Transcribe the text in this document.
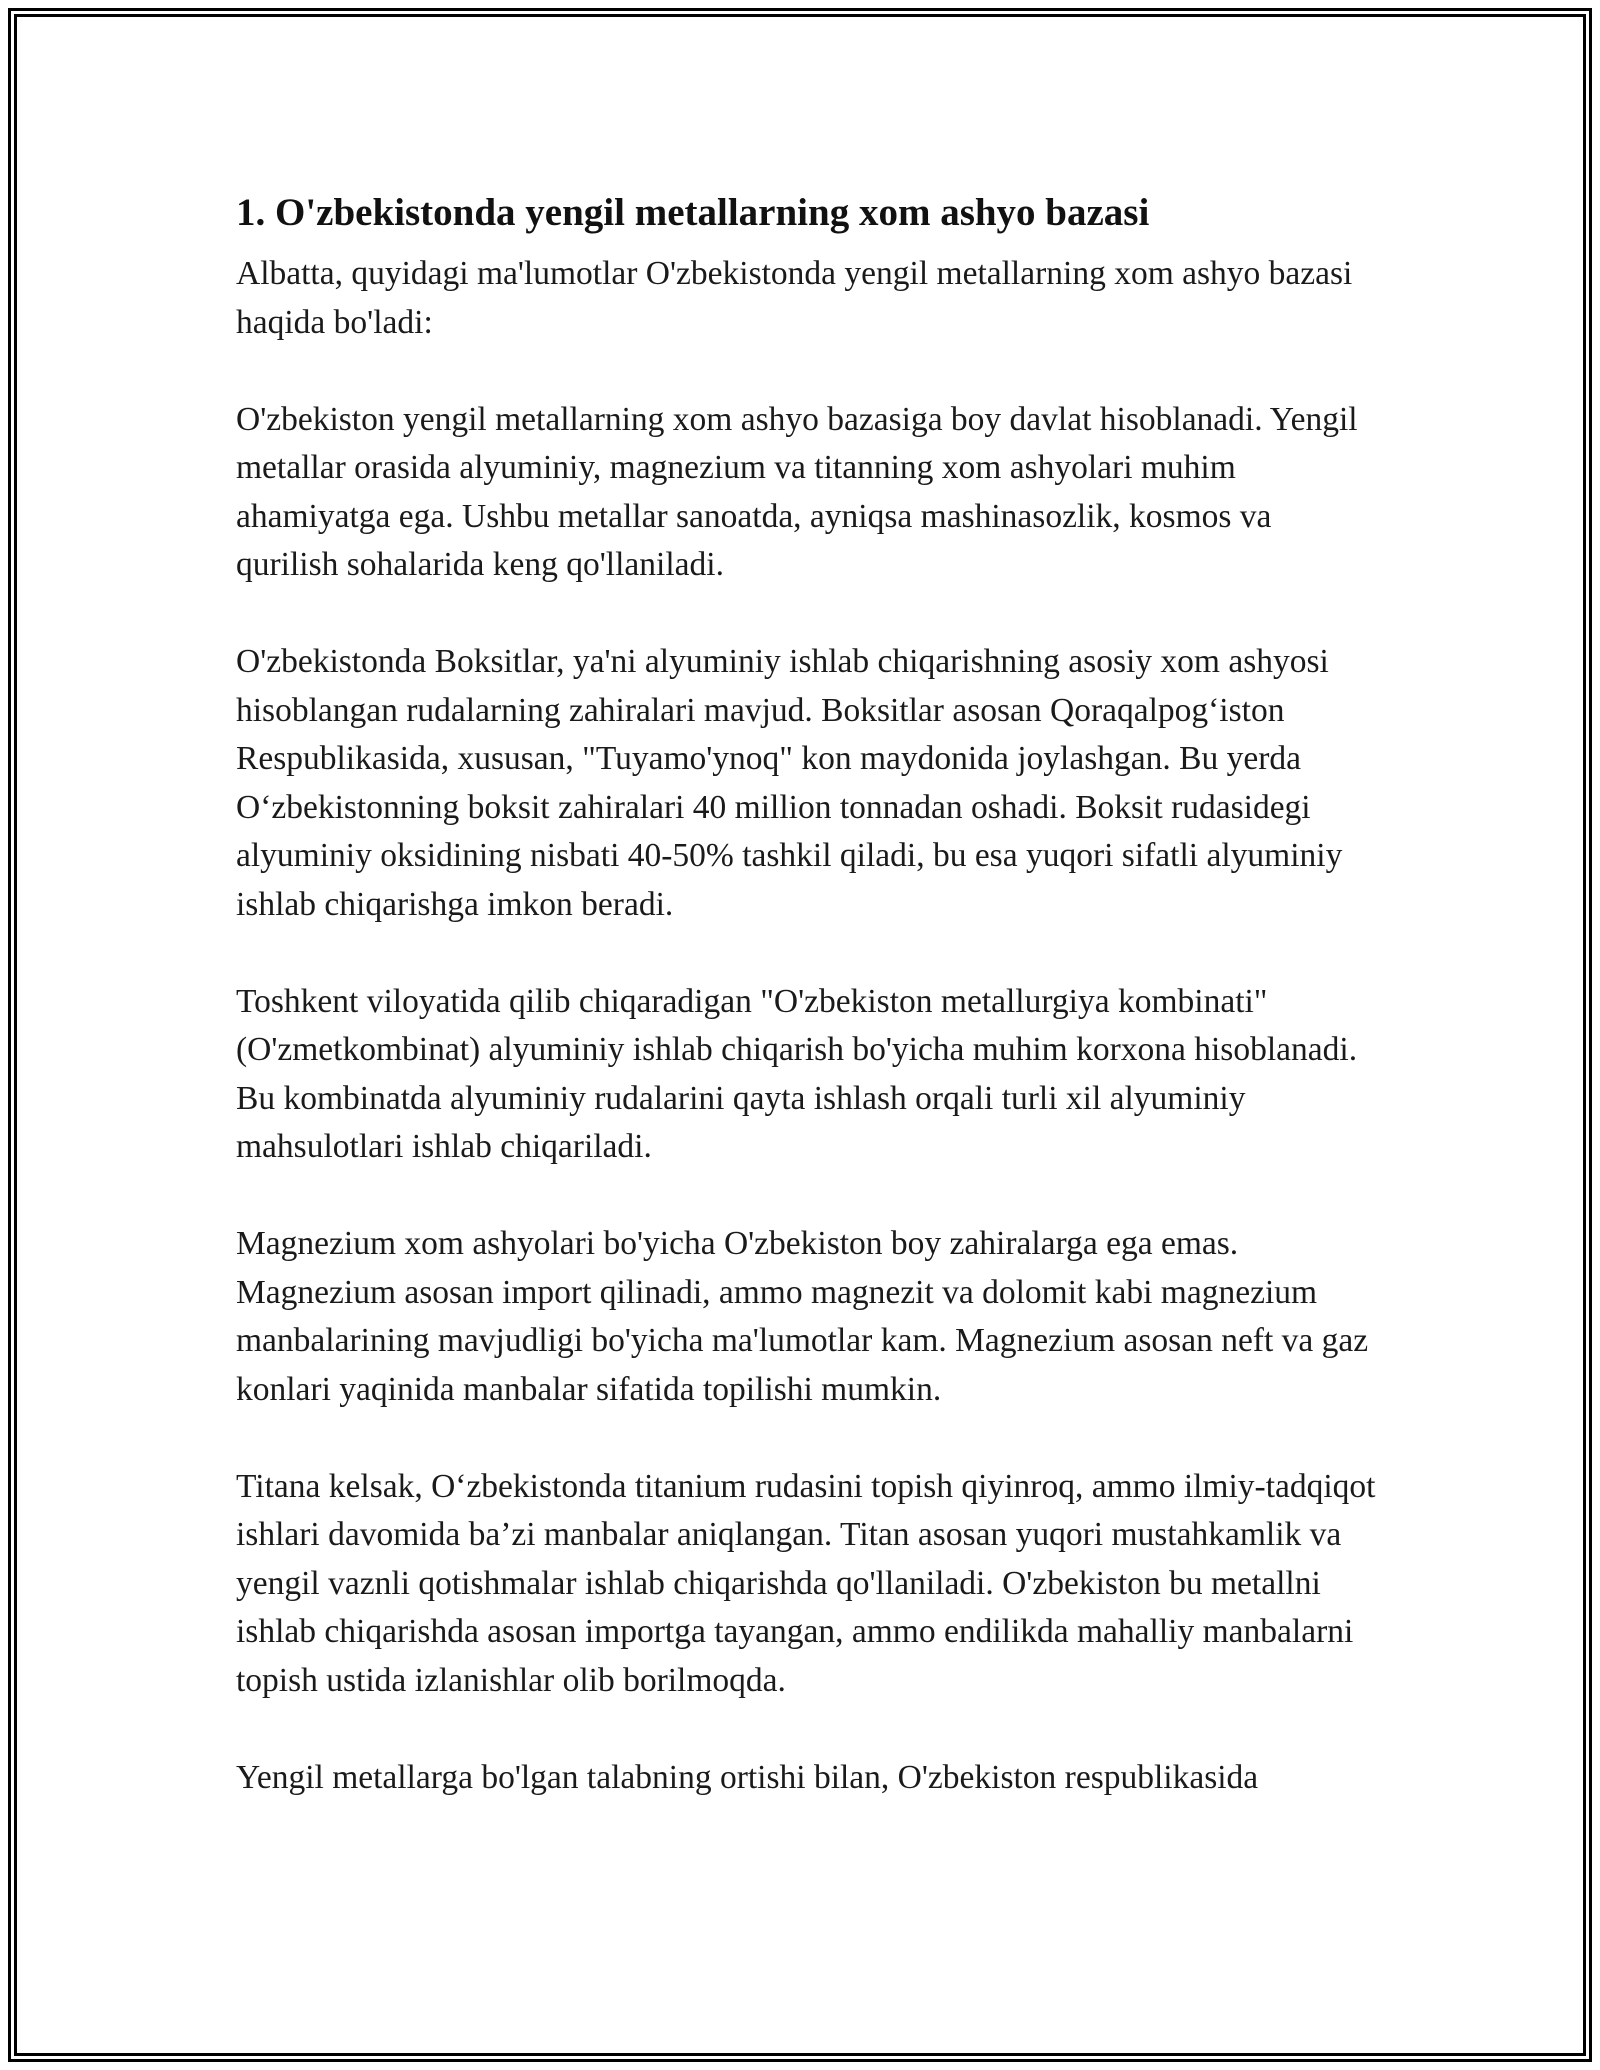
1. O'zbekistonda yengil metallarning xom ashyo bazasi

Albatta, quyidagi ma'lumotlar O'zbekistonda yengil metallarning xom ashyo bazasi haqida bo'ladi:

O'zbekiston yengil metallarning xom ashyo bazasiga boy davlat hisoblanadi. Yengil metallar orasida alyuminiy, magnezium va titanning xom ashyolari muhim ahamiyatga ega. Ushbu metallar sanoatda, ayniqsa mashinasozlik, kosmos va qurilish sohalarida keng qo'llaniladi.

O'zbekistonda Boksitlar, ya'ni alyuminiy ishlab chiqarishning asosiy xom ashyosi hisoblangan rudalarning zahiralari mavjud. Boksitlar asosan Qoraqalpog‘iston Respublikasida, xususan, "Tuyamo'ynoq" kon maydonida joylashgan. Bu yerda O‘zbekistonning boksit zahiralari 40 million tonnadan oshadi. Boksit rudasidegi alyuminiy oksidining nisbati 40-50% tashkil qiladi, bu esa yuqori sifatli alyuminiy ishlab chiqarishga imkon beradi.

Toshkent viloyatida qilib chiqaradigan "O'zbekiston metallurgiya kombinati" (O'zmetkombinat) alyuminiy ishlab chiqarish bo'yicha muhim korxona hisoblanadi. Bu kombinatda alyuminiy rudalarini qayta ishlash orqali turli xil alyuminiy mahsulotlari ishlab chiqariladi.

Magnezium xom ashyolari bo'yicha O'zbekiston boy zahiralarga ega emas. Magnezium asosan import qilinadi, ammo magnezit va dolomit kabi magnezium manbalarining mavjudligi bo'yicha ma'lumotlar kam. Magnezium asosan neft va gaz konlari yaqinida manbalar sifatida topilishi mumkin.

Titana kelsak, O‘zbekistonda titanium rudasini topish qiyinroq, ammo ilmiy-tadqiqot ishlari davomida ba’zi manbalar aniqlangan. Titan asosan yuqori mustahkamlik va yengil vaznli qotishmalar ishlab chiqarishda qo'llaniladi. O'zbekiston bu metallni ishlab chiqarishda asosan importga tayangan, ammo endilikda mahalliy manbalarni topish ustida izlanishlar olib borilmoqda.

Yengil metallarga bo'lgan talabning ortishi bilan, O'zbekiston respublikasida
